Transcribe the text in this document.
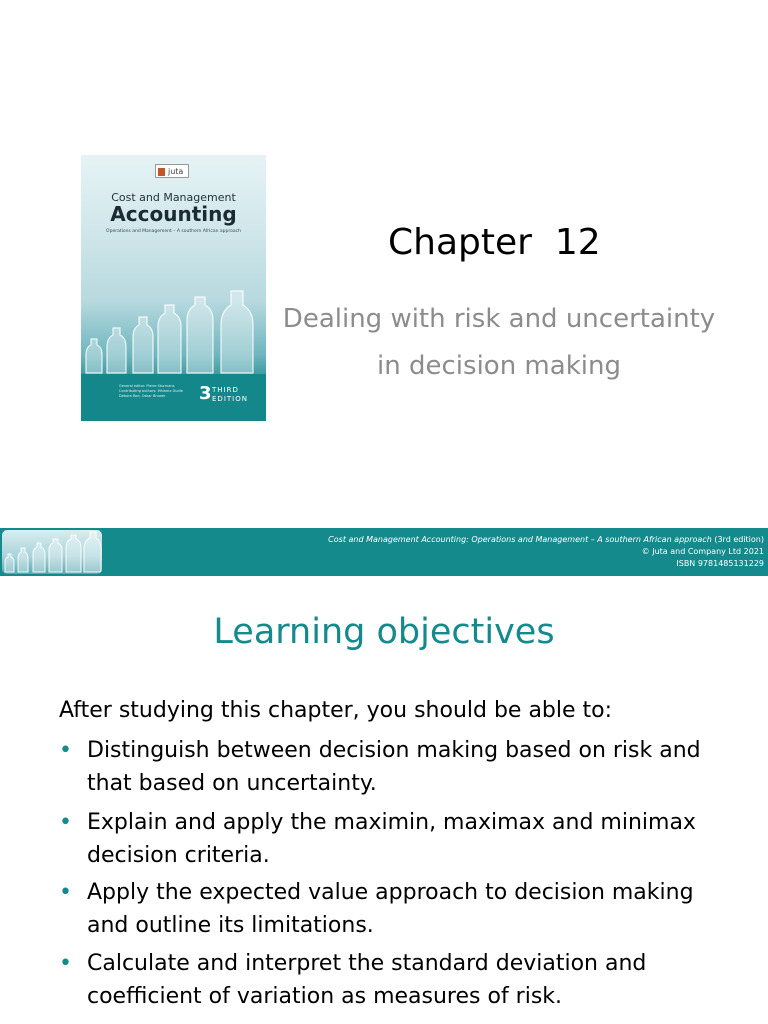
juta
Cost and Management
Accounting
Operations and Management – A southern African approach
General editor: Pierre Sturmans
Contributing authors: Mhlamo Gudle
Debora Roe, Oskar Bruwer	3 THIRD
EDITION
Chapter  12
Dealing with risk and uncertainty
in decision making
Cost and Management Accounting: Operations and Management – A southern African approach (3rd edition)
© Juta and Company Ltd 2021
ISBN 9781485131229
Learning objectives
After studying this chapter, you should be able to:
• Distinguish between decision making based on risk and
that based on uncertainty.
• Explain and apply the maximin, maximax and minimax
decision criteria.
• Apply the expected value approach to decision making
and outline its limitations.
• Calculate and interpret the standard deviation and
coefficient of variation as measures of risk.
